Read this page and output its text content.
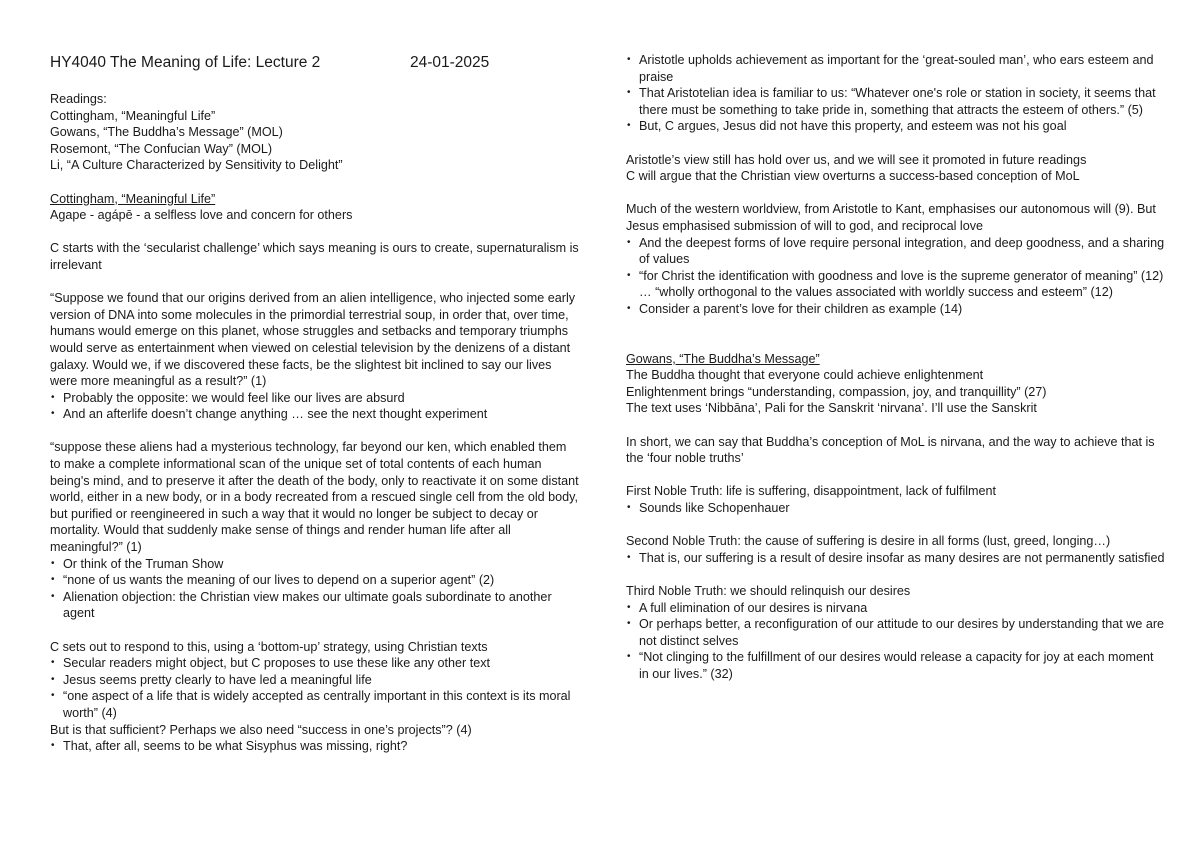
HY4040 The Meaning of Life: Lecture 2	24-01-2025

Readings:

Cottingham, “Meaningful Life”

Gowans, “The Buddha’s Message” (MOL)

Rosemont, “The Confucian Way” (MOL)

Li, “A Culture Characterized by Sensitivity to Delight”

Cottingham, “Meaningful Life”

Agape - agápē - a selfless love and concern for others

C starts with the ‘secularist challenge’ which says meaning is ours to create, supernaturalism is irrelevant

“Suppose we found that our origins derived from an alien intelligence, who injected some early version of DNA into some molecules in the primordial terrestrial soup, in order that, over time, humans would emerge on this planet, whose struggles and setbacks and temporary triumphs would serve as entertainment when viewed on celestial television by the denizens of a distant galaxy. Would we, if we discovered these facts, be the slightest bit inclined to say our lives were more meaningful as a result?” (1)

• Probably the opposite: we would feel like our lives are absurd
• And an afterlife doesn’t change anything … see the next thought experiment

“suppose these aliens had a mysterious technology, far beyond our ken, which enabled them to make a complete informational scan of the unique set of total contents of each human being's mind, and to preserve it after the death of the body, only to reactivate it on some distant world, either in a new body, or in a body recreated from a rescued single cell from the old body, but purified or reengineered in such a way that it would no longer be subject to decay or mortality. Would that suddenly make sense of things and render human life after all meaningful?” (1)

• Or think of the Truman Show
• “none of us wants the meaning of our lives to depend on a superior agent” (2)
• Alienation objection: the Christian view makes our ultimate goals subordinate to another agent

C sets out to respond to this, using a ‘bottom-up’ strategy, using Christian texts

• Secular readers might object, but C proposes to use these like any other text
• Jesus seems pretty clearly to have led a meaningful life
• “one aspect of a life that is widely accepted as centrally important in this context is its moral worth” (4)

But is that sufficient? Perhaps we also need “success in one’s projects”? (4)

• That, after all, seems to be what Sisyphus was missing, right?
• Aristotle upholds achievement as important for the ‘great-souled man’, who ears esteem and praise
• That Aristotelian idea is familiar to us: “Whatever one's role or station in society, it seems that there must be something to take pride in, something that attracts the esteem of others.” (5)
• But, C argues, Jesus did not have this property, and esteem was not his goal

Aristotle’s view still has hold over us, and we will see it promoted in future readings

C will argue that the Christian view overturns a success-based conception of MoL

Much of the western worldview, from Aristotle to Kant, emphasises our autonomous will (9). But Jesus emphasised submission of will to god, and reciprocal love

• And the deepest forms of love require personal integration, and deep goodness, and a sharing of values
• “for Christ the identification with goodness and love is the supreme generator of meaning” (12) … “wholly orthogonal to the values associated with worldly success and esteem” (12)
• Consider a parent’s love for their children as example (14)

Gowans, “The Buddha’s Message”

The Buddha thought that everyone could achieve enlightenment

Enlightenment brings “understanding, compassion, joy, and tranquillity” (27)

The text uses ‘Nibbāna’, Pali for the Sanskrit ‘nirvana’. I’ll use the Sanskrit

In short, we can say that Buddha’s conception of MoL is nirvana, and the way to achieve that is the ‘four noble truths’

First Noble Truth: life is suffering, disappointment, lack of fulfilment

• Sounds like Schopenhauer

Second Noble Truth: the cause of suffering is desire in all forms (lust, greed, longing…)

• That is, our suffering is a result of desire insofar as many desires are not permanently satisfied

Third Noble Truth: we should relinquish our desires

• A full elimination of our desires is nirvana
• Or perhaps better, a reconfiguration of our attitude to our desires by understanding that we are not distinct selves
• “Not clinging to the fulfillment of our desires would release a capacity for joy at each moment in our lives.” (32)
